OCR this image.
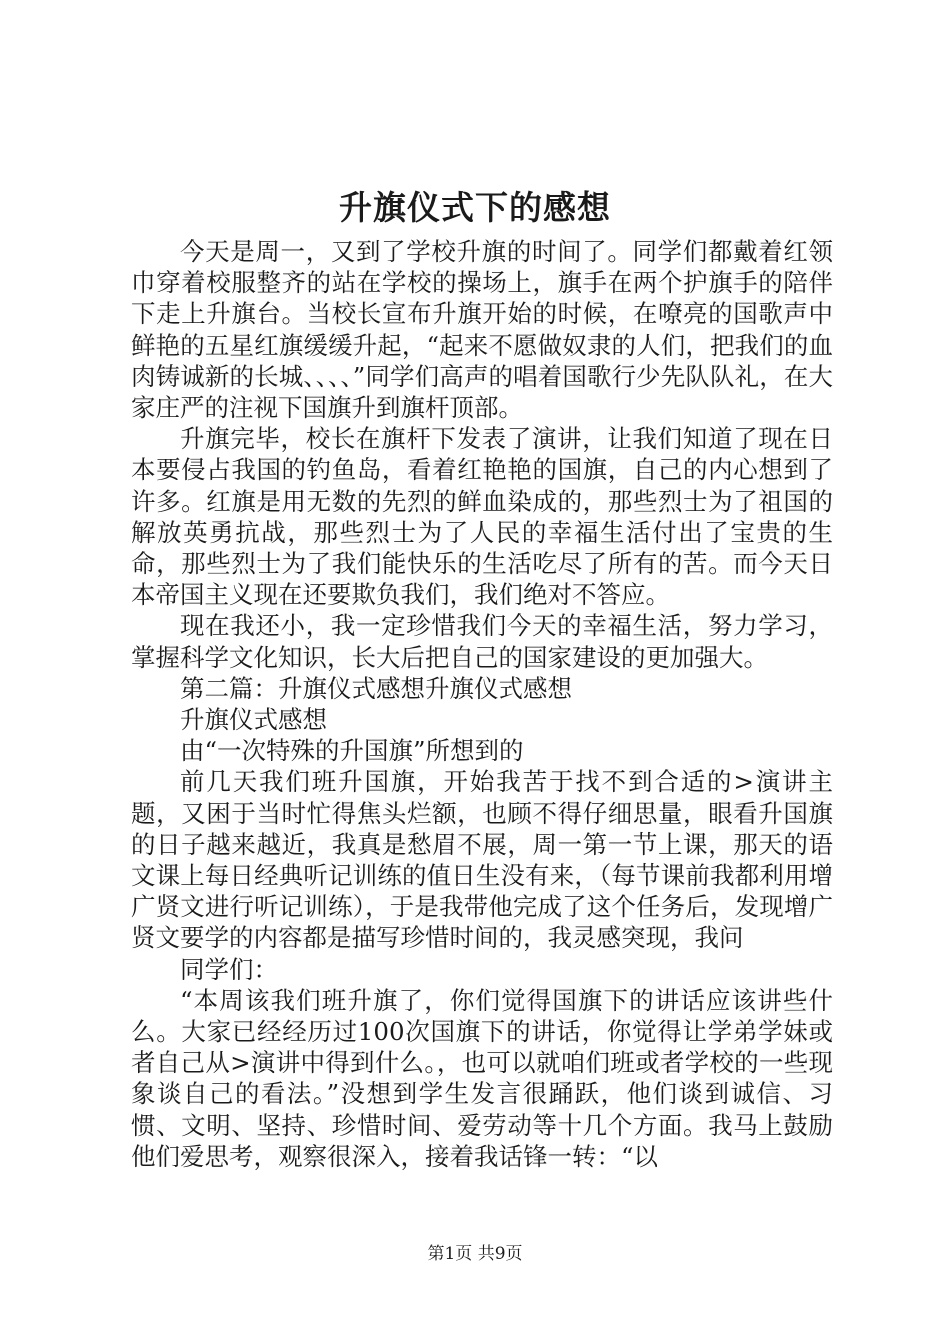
升旗仪式下的感想

今天是周一，又到了学校升旗的时间了。同学们都戴着红领巾穿着校服整齐的站在学校的操场上，旗手在两个护旗手的陪伴下走上升旗台。当校长宣布升旗开始的时候，在嘹亮的国歌声中鲜艳的五星红旗缓缓升起，“起来不愿做奴隶的人们，把我们的血肉铸诚新的长城、、、、”同学们高声的唱着国歌行少先队队礼，在大家庄严的注视下国旗升到旗杆顶部。

升旗完毕，校长在旗杆下发表了演讲，让我们知道了现在日本要侵占我国的钓鱼岛，看着红艳艳的国旗，自己的内心想到了许多。红旗是用无数的先烈的鲜血染成的，那些烈士为了祖国的解放英勇抗战，那些烈士为了人民的幸福生活付出了宝贵的生命，那些烈士为了我们能快乐的生活吃尽了所有的苦。而今天日本帝国主义现在还要欺负我们，我们绝对不答应。

现在我还小，我一定珍惜我们今天的幸福生活，努力学习，掌握科学文化知识，长大后把自己的国家建设的更加强大。

第二篇：升旗仪式感想升旗仪式感想

升旗仪式感想

由“一次特殊的升国旗”所想到的

前几天我们班升国旗，开始我苦于找不到合适的>演讲主题，又困于当时忙得焦头烂额，也顾不得仔细思量，眼看升国旗的日子越来越近，我真是愁眉不展，周一第一节上课，那天的语文课上每日经典听记训练的值日生没有来，（每节课前我都利用增广贤文进行听记训练），于是我带他完成了这个任务后，发现增广贤文要学的内容都是描写珍惜时间的，我灵感突现，我问

同学们：

“本周该我们班升旗了，你们觉得国旗下的讲话应该讲些什么。大家已经经历过100次国旗下的讲话，你觉得让学弟学妹或者自己从>演讲中得到什么。，也可以就咱们班或者学校的一些现象谈自己的看法。”没想到学生发言很踊跃，他们谈到诚信、习惯、文明、坚持、珍惜时间、爱劳动等十几个方面。我马上鼓励他们爱思考，观察很深入，接着我话锋一转：“以

第1页 共9页
